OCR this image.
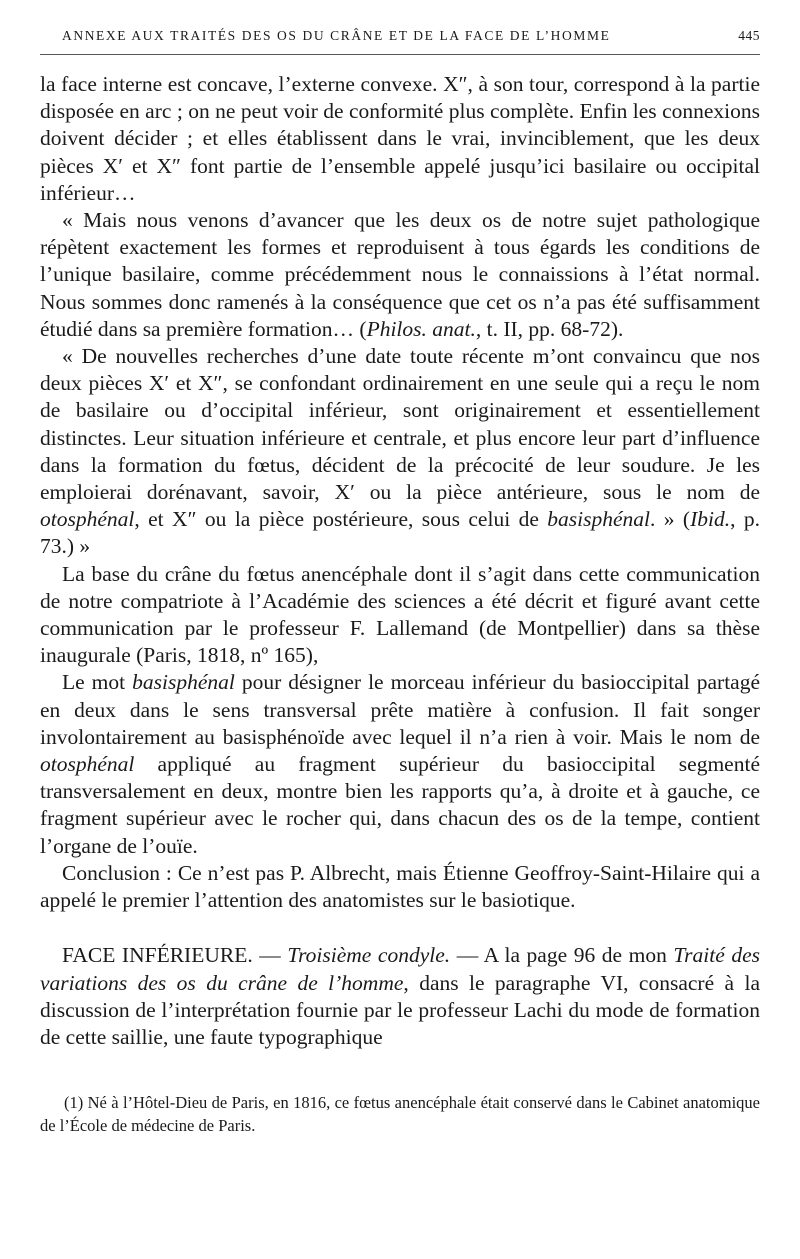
ANNEXE AUX TRAITÉS DES OS DU CRÂNE ET DE LA FACE DE L’HOMME	445

la face interne est concave, l’externe convexe. X″, à son tour, correspond à la partie disposée en arc ; on ne peut voir de conformité plus complète. Enfin les connexions doivent décider ; et elles établissent dans le vrai, invinciblement, que les deux pièces X′ et X″ font partie de l’ensemble appelé jusqu’ici basilaire ou occipital inférieur…

« Mais nous venons d’avancer que les deux os de notre sujet pathologique répètent exactement les formes et reproduisent à tous égards les conditions de l’unique basilaire, comme précédemment nous le connaissions à l’état normal. Nous sommes donc ramenés à la conséquence que cet os n’a pas été suffisamment étudié dans sa première formation… (Philos. anat., t. II, pp. 68-72).

« De nouvelles recherches d’une date toute récente m’ont convaincu que nos deux pièces X′ et X″, se confondant ordinairement en une seule qui a reçu le nom de basilaire ou d’occipital inférieur, sont originairement et essentiellement distinctes. Leur situation inférieure et centrale, et plus encore leur part d’influence dans la formation du fœtus, décident de la précocité de leur soudure. Je les emploierai dorénavant, savoir, X′ ou la pièce antérieure, sous le nom de otosphénal, et X″ ou la pièce postérieure, sous celui de basisphénal. » (Ibid., p. 73.) »

La base du crâne du fœtus anencéphale dont il s’agit dans cette communication de notre compatriote à l’Académie des sciences a été décrit et figuré avant cette communication par le professeur F. Lallemand (de Montpellier) dans sa thèse inaugurale (Paris, 1818, nº 165),

Le mot basisphénal pour désigner le morceau inférieur du basioccipital partagé en deux dans le sens transversal prête matière à confusion. Il fait songer involontairement au basisphénoïde avec lequel il n’a rien à voir. Mais le nom de otosphénal appliqué au fragment supérieur du basioccipital segmenté transversalement en deux, montre bien les rapports qu’a, à droite et à gauche, ce fragment supérieur avec le rocher qui, dans chacun des os de la tempe, contient l’organe de l’ouïe.

Conclusion : Ce n’est pas P. Albrecht, mais Étienne Geoffroy-Saint-Hilaire qui a appelé le premier l’attention des anatomistes sur le basiotique.

FACE INFÉRIEURE. — Troisième condyle. — A la page 96 de mon Traité des variations des os du crâne de l’homme, dans le paragraphe VI, consacré à la discussion de l’interprétation fournie par le professeur Lachi du mode de formation de cette saillie, une faute typographique

(1) Né à l’Hôtel-Dieu de Paris, en 1816, ce fœtus anencéphale était conservé dans le Cabinet anatomique de l’École de médecine de Paris.
